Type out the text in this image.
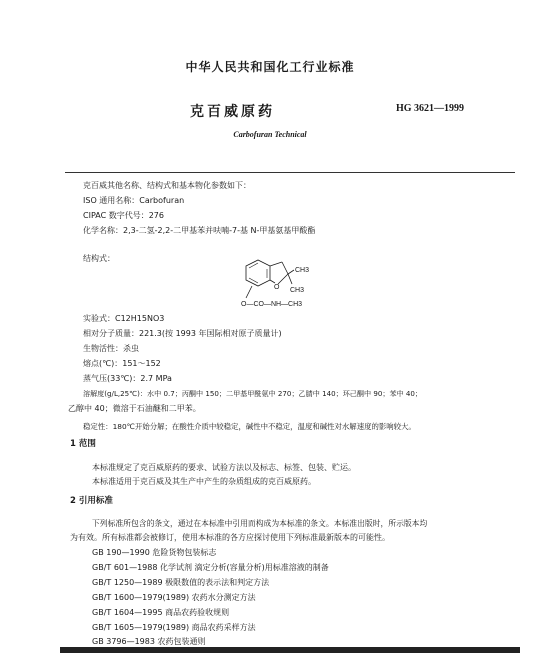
中华人民共和国化工行业标准
克百威原药	HG 3621—1999
Carbofuran Technical
克百威其他名称、结构式和基本物化参数如下：
ISO 通用名称：Carbofuran
CIPAC 数字代号：276
化学名称：2,3-二氢-2,2-二甲基苯并呋喃-7-基 N-甲基氨基甲酸酯
结构式：
CH3
CH3
O
O—CO—NH—CH3
实验式：C12H15NO3
相对分子质量：221.3(按 1993 年国际相对原子质量计)
生物活性：杀虫
熔点(℃)：151～152
蒸气压(33℃)：2.7 MPa
溶解度(g/L,25℃)：水中 0.7；丙酮中 150；二甲基甲酰氨中 270；乙腈中 140；环己酮中 90；苯中 40；
乙醇中 40；微溶于石油醚和二甲苯。
稳定性：180℃开始分解；在酸性介质中较稳定，碱性中不稳定，温度和碱性对水解速度的影响较大。
1 范围
本标准规定了克百威原药的要求、试验方法以及标志、标签、包装、贮运。
本标准适用于克百威及其生产中产生的杂质组成的克百威原药。
2 引用标准
下列标准所包含的条文，通过在本标准中引用而构成为本标准的条文。本标准出版时，所示版本均
为有效。所有标准都会被修订，使用本标准的各方应探讨使用下列标准最新版本的可能性。
GB 190—1990 危险货物包装标志
GB/T 601—1988 化学试剂 滴定分析(容量分析)用标准溶液的制备
GB/T 1250—1989 极限数值的表示法和判定方法
GB/T 1600—1979(1989) 农药水分测定方法
GB/T 1604—1995 商品农药验收规则
GB/T 1605—1979(1989) 商品农药采样方法
GB 3796—1983 农药包装通则
